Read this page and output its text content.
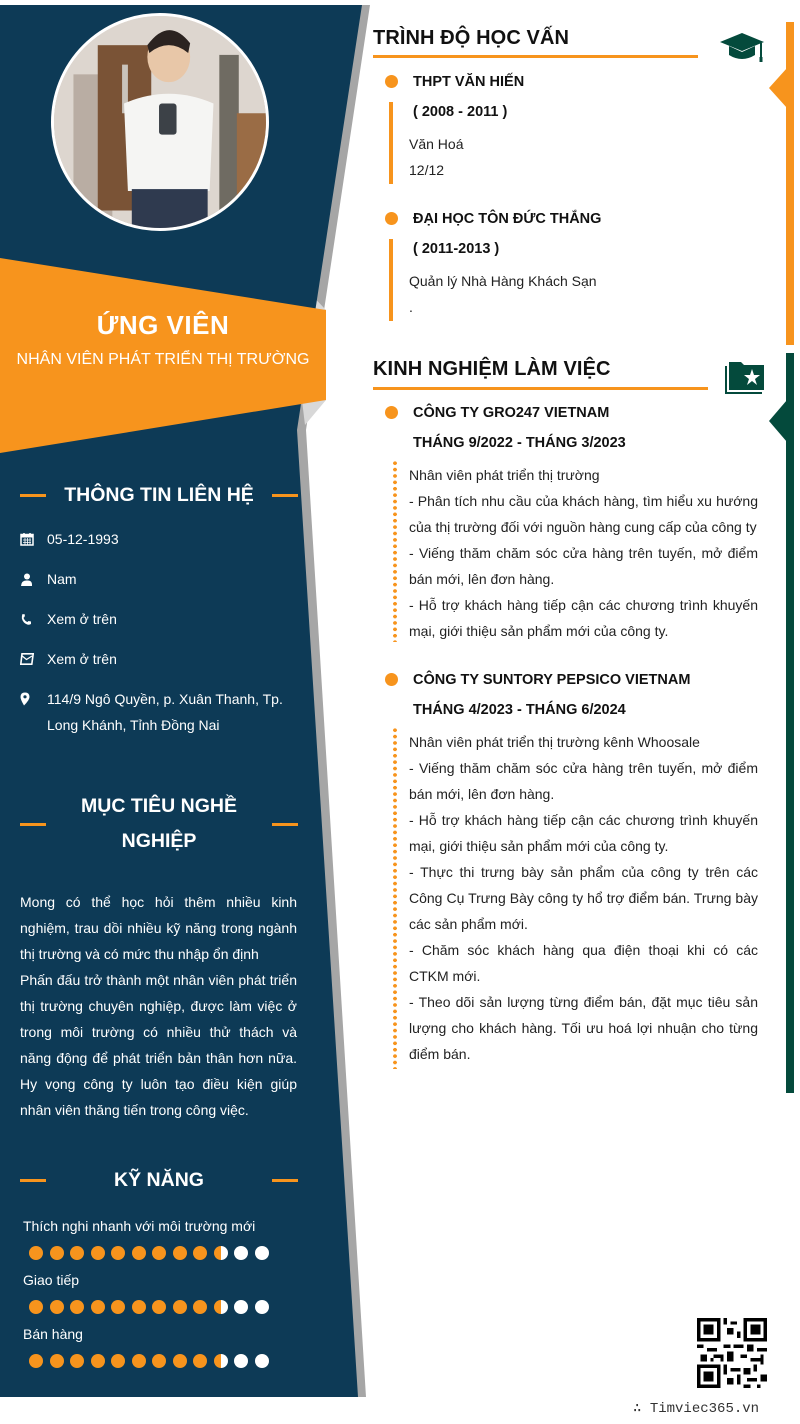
ỨNG VIÊN
NHÂN VIÊN PHÁT TRIỂN THỊ TRƯỜNG
THÔNG TIN LIÊN HỆ
05-12-1993
Nam
Xem ở trên
Xem ở trên
114/9 Ngô Quyền, p. Xuân Thanh, Tp. Long Khánh, Tỉnh Đồng Nai
MỤC TIÊU NGHỀ
NGHIỆP

Mong có thể học hỏi thêm nhiều kinh nghiệm, trau dồi nhiều kỹ năng trong ngành thị trường và có mức thu nhập ổn định

Phấn đấu trở thành một nhân viên phát triển thị trường chuyên nghiệp, được làm việc ở trong môi trường có nhiều thử thách và năng động để phát triển bản thân hơn nữa. Hy vọng công ty luôn tạo điều kiện giúp nhân viên thăng tiến trong công việc.

KỸ NĂNG
Thích nghi nhanh với môi trường mới
Giao tiếp
Bán hàng
TRÌNH ĐỘ HỌC VẤN
THPT VĂN HIẾN
( 2008 - 2011 )
Văn Hoá
12/12
ĐẠI HỌC TÔN ĐỨC THẮNG
( 2011-2013 )
Quản lý Nhà Hàng Khách Sạn
.
KINH NGHIỆM LÀM VIỆC
CÔNG TY GRO247 VIETNAM
THÁNG 9/2022 - THÁNG 3/2023
Nhân viên phát triển thị trường
- Phân tích nhu cầu của khách hàng, tìm hiểu xu hướng của thị trường đối với nguồn hàng cung cấp của công ty
- Viếng thăm chăm sóc cửa hàng trên tuyến, mở điểm bán mới, lên đơn hàng.
- Hỗ trợ khách hàng tiếp cận các chương trình khuyến mại, giới thiệu sản phẩm mới của công ty.
CÔNG TY SUNTORY PEPSICO VIETNAM
THÁNG 4/2023 - THÁNG 6/2024
Nhân viên phát triển thị trường kênh Whoosale
- Viếng thăm chăm sóc cửa hàng trên tuyến, mở điểm bán mới, lên đơn hàng.
- Hỗ trợ khách hàng tiếp cận các chương trình khuyến mại, giới thiệu sản phẩm mới của công ty.
- Thực thi trưng bày sản phẩm của công ty trên các Công Cụ Trưng Bày công ty hổ trợ điểm bán. Trưng bày các sản phẩm mới.
- Chăm sóc khách hàng qua điện thoại khi có các CTKM mới.
- Theo dõi sản lượng từng điểm bán, đặt mục tiêu sản lượng cho khách hàng. Tối ưu hoá lợi nhuận cho từng điểm bán.
∴ Timviec365.vn
